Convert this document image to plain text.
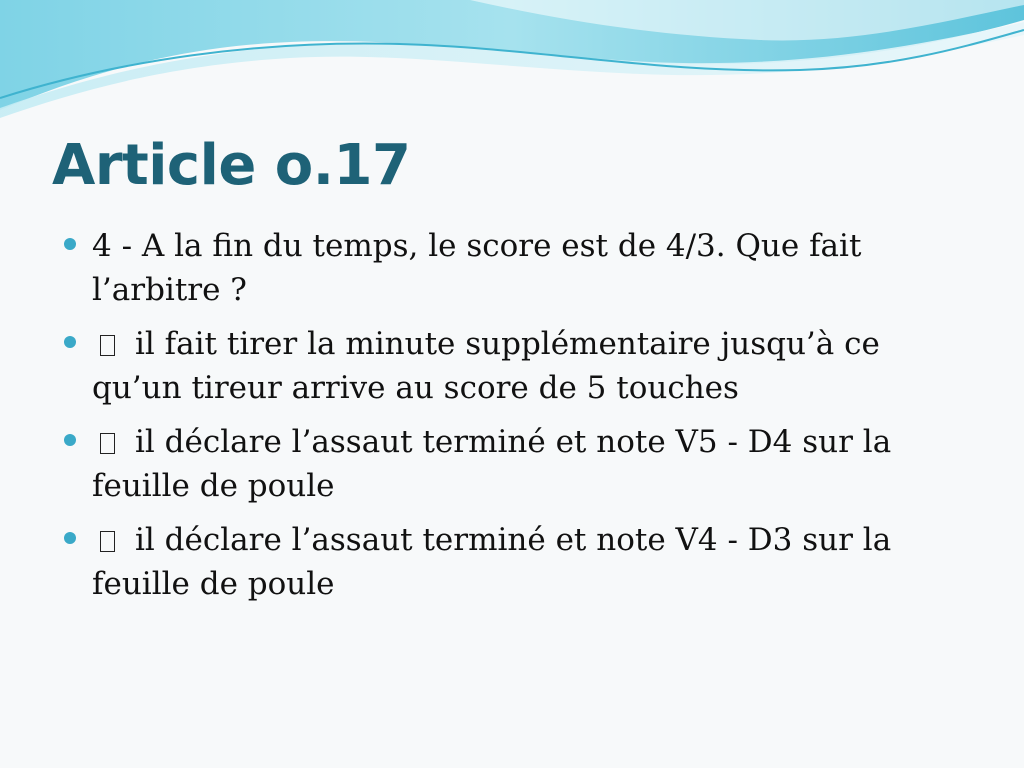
Article o.17
4 - A la fin du temps, le score est de 4/3. Que fait l’arbitre ?
il fait tirer la minute supplémentaire jusqu’à ce qu’un tireur arrive au score de 5 touches
il déclare l’assaut terminé et note V5 - D4 sur la feuille de poule
il déclare l’assaut terminé et note V4 - D3 sur la feuille de poule
